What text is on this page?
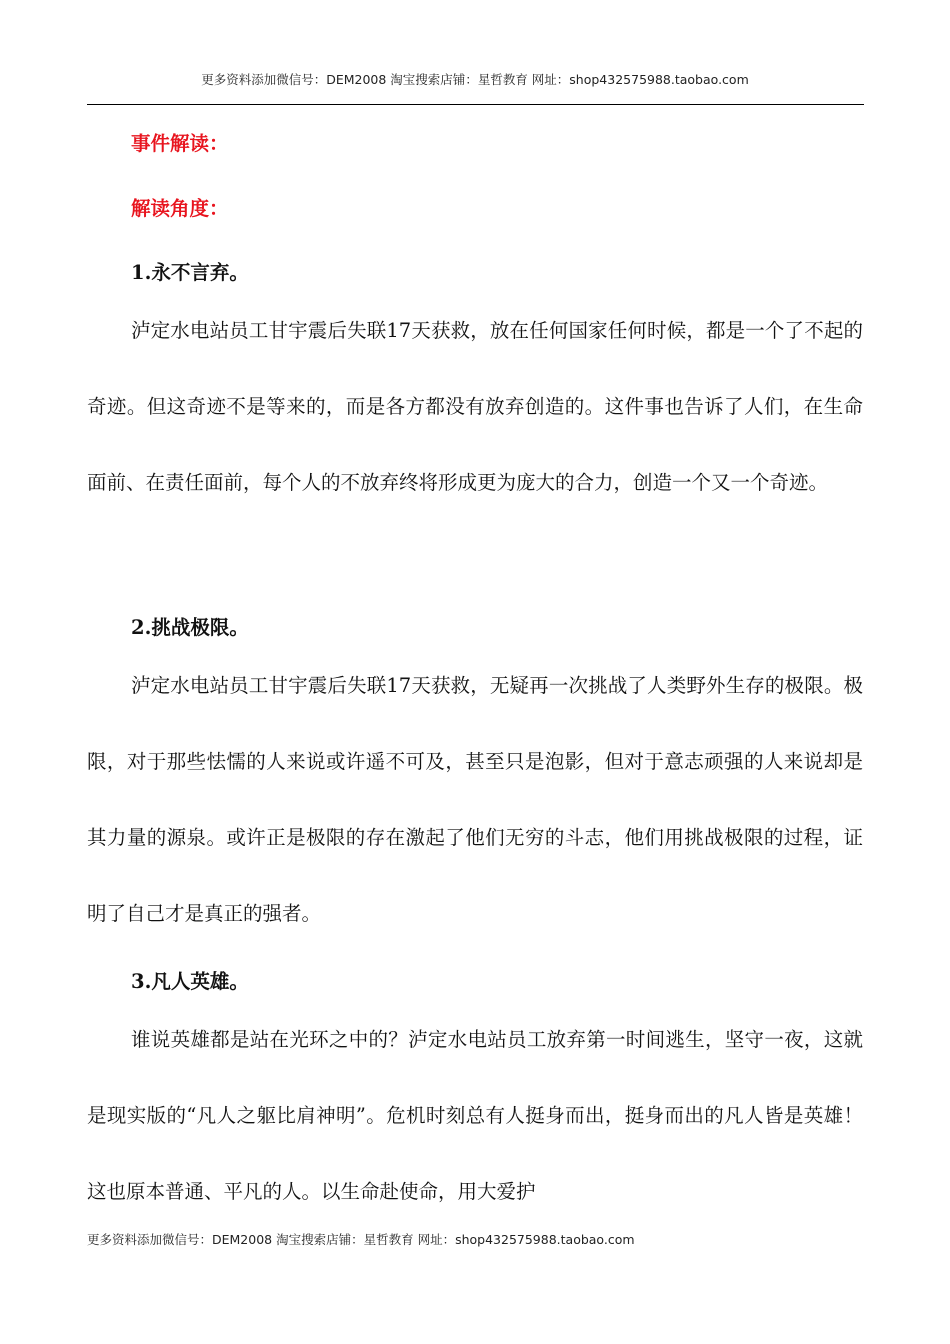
更多资料添加微信号：DEM2008 淘宝搜索店铺：星哲教育 网址：shop432575988.taobao.com
事件解读：
解读角度：
1.永不言弃。
泸定水电站员工甘宇震后失联17天获救，放在任何国家任何时候，都是一个了不起的奇迹。但这奇迹不是等来的，而是各方都没有放弃创造的。这件事也告诉了人们，在生命面前、在责任面前，每个人的不放弃终将形成更为庞大的合力，创造一个又一个奇迹。
2.挑战极限。
泸定水电站员工甘宇震后失联17天获救，无疑再一次挑战了人类野外生存的极限。极限，对于那些怯懦的人来说或许遥不可及，甚至只是泡影，但对于意志顽强的人来说却是其力量的源泉。或许正是极限的存在激起了他们无穷的斗志，他们用挑战极限的过程，证明了自己才是真正的强者。
3.凡人英雄。
谁说英雄都是站在光环之中的？泸定水电站员工放弃第一时间逃生，坚守一夜，这就是现实版的“凡人之躯比肩神明”。危机时刻总有人挺身而出，挺身而出的凡人皆是英雄！这也原本普通、平凡的人。以生命赴使命，用大爱护
更多资料添加微信号：DEM2008 淘宝搜索店铺：星哲教育 网址：shop432575988.taobao.com
